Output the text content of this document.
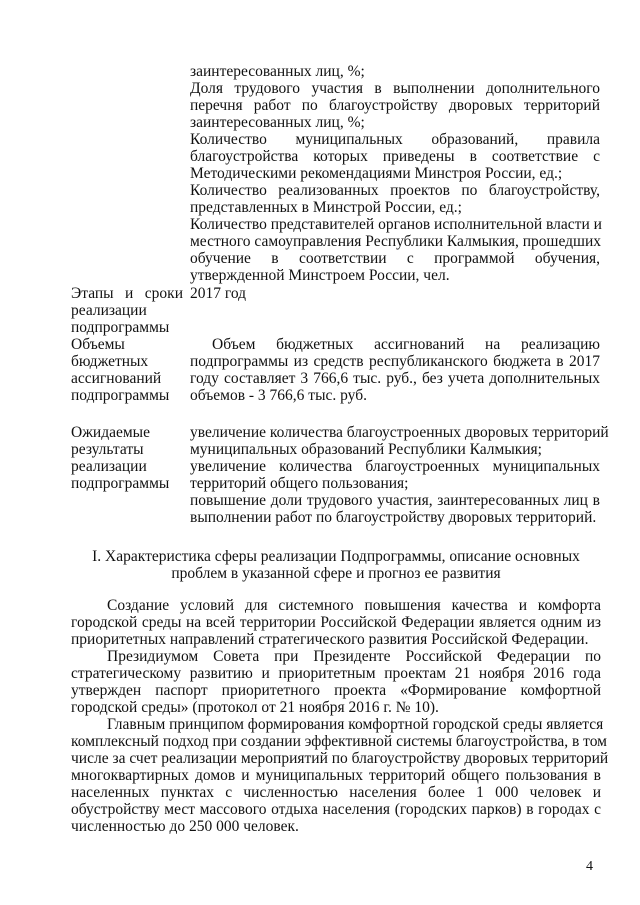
заинтересованных лиц, %;
Доля трудового участия в выполнении дополнительного
перечня работ по благоустройству дворовых территорий
заинтересованных лиц, %;
Количество муниципальных образований, правила
благоустройства которых приведены в соответствие с
Методическими рекомендациями Минстроя России, ед.;
Количество реализованных проектов по благоустройству,
представленных в Минстрой России, ед.;
Количество представителей органов исполнительной власти и
местного самоуправления Республики Калмыкия, прошедших
обучение в соответствии с программой обучения,
утвержденной Минстроем России, чел.
Этапы и сроки
реализации
подпрограммы
2017 год
Объемы
бюджетных
ассигнований
подпрограммы
Объем бюджетных ассигнований на реализацию
подпрограммы из средств республиканского бюджета в 2017
году составляет 3 766,6 тыс. руб., без учета дополнительных
объемов - 3 766,6 тыс. руб.
Ожидаемые
результаты
реализации
подпрограммы
увеличение количества благоустроенных дворовых территорий
муниципальных образований Республики Калмыкия;
увеличение количества благоустроенных муниципальных
территорий общего пользования;
повышение доли трудового участия, заинтересованных лиц в
выполнении работ по благоустройству дворовых территорий.
I. Характеристика сферы реализации Подпрограммы, описание основных
проблем в указанной сфере и прогноз ее развития
Создание условий для системного повышения качества и комфорта
городской среды на всей территории Российской Федерации является одним из
приоритетных направлений стратегического развития Российской Федерации.
Президиумом Совета при Президенте Российской Федерации по
стратегическому развитию и приоритетным проектам 21 ноября 2016 года
утвержден паспорт приоритетного проекта «Формирование комфортной
городской среды» (протокол от 21 ноября 2016 г. № 10).
Главным принципом формирования комфортной городской среды является
комплексный подход при создании эффективной системы благоустройства, в том
числе за счет реализации мероприятий по благоустройству дворовых территорий
многоквартирных домов и муниципальных территорий общего пользования в
населенных пунктах с численностью населения более 1 000 человек и
обустройству мест массового отдыха населения (городских парков) в городах с
численностью до 250 000 человек.
4
